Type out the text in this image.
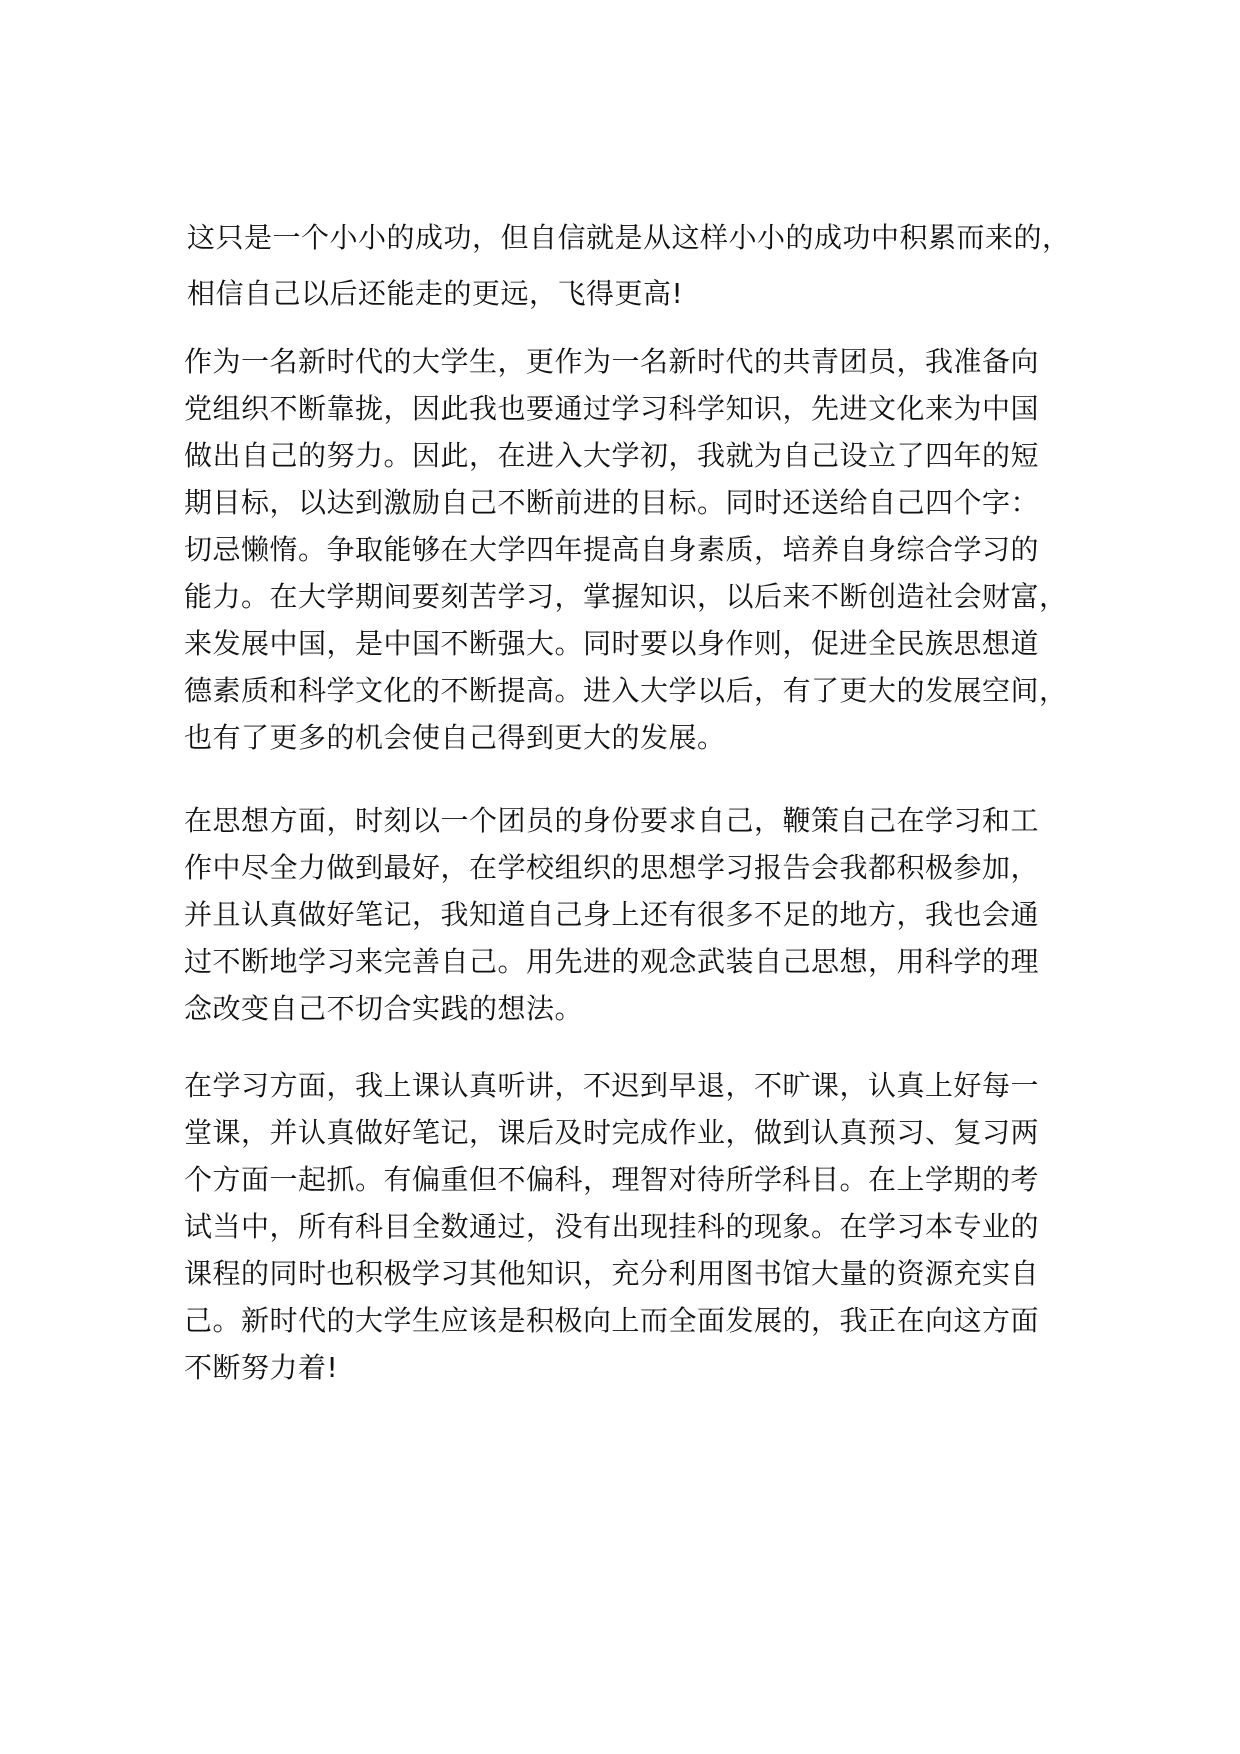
这只是一个小小的成功，但自信就是从这样小小的成功中积累而来的，
相信自己以后还能走的更远，飞得更高!

作为一名新时代的大学生，更作为一名新时代的共青团员，我准备向
党组织不断靠拢，因此我也要通过学习科学知识，先进文化来为中国
做出自己的努力。因此，在进入大学初，我就为自己设立了四年的短
期目标，以达到激励自己不断前进的目标。同时还送给自己四个字：
切忌懒惰。争取能够在大学四年提高自身素质，培养自身综合学习的
能力。在大学期间要刻苦学习，掌握知识，以后来不断创造社会财富，
来发展中国，是中国不断强大。同时要以身作则，促进全民族思想道
德素质和科学文化的不断提高。进入大学以后，有了更大的发展空间，
也有了更多的机会使自己得到更大的发展。

在思想方面，时刻以一个团员的身份要求自己，鞭策自己在学习和工
作中尽全力做到最好，在学校组织的思想学习报告会我都积极参加，
并且认真做好笔记，我知道自己身上还有很多不足的地方，我也会通
过不断地学习来完善自己。用先进的观念武装自己思想，用科学的理
念改变自己不切合实践的想法。

在学习方面，我上课认真听讲，不迟到早退，不旷课，认真上好每一
堂课，并认真做好笔记，课后及时完成作业，做到认真预习、复习两
个方面一起抓。有偏重但不偏科，理智对待所学科目。在上学期的考
试当中，所有科目全数通过，没有出现挂科的现象。在学习本专业的
课程的同时也积极学习其他知识，充分利用图书馆大量的资源充实自
己。新时代的大学生应该是积极向上而全面发展的，我正在向这方面
不断努力着!
